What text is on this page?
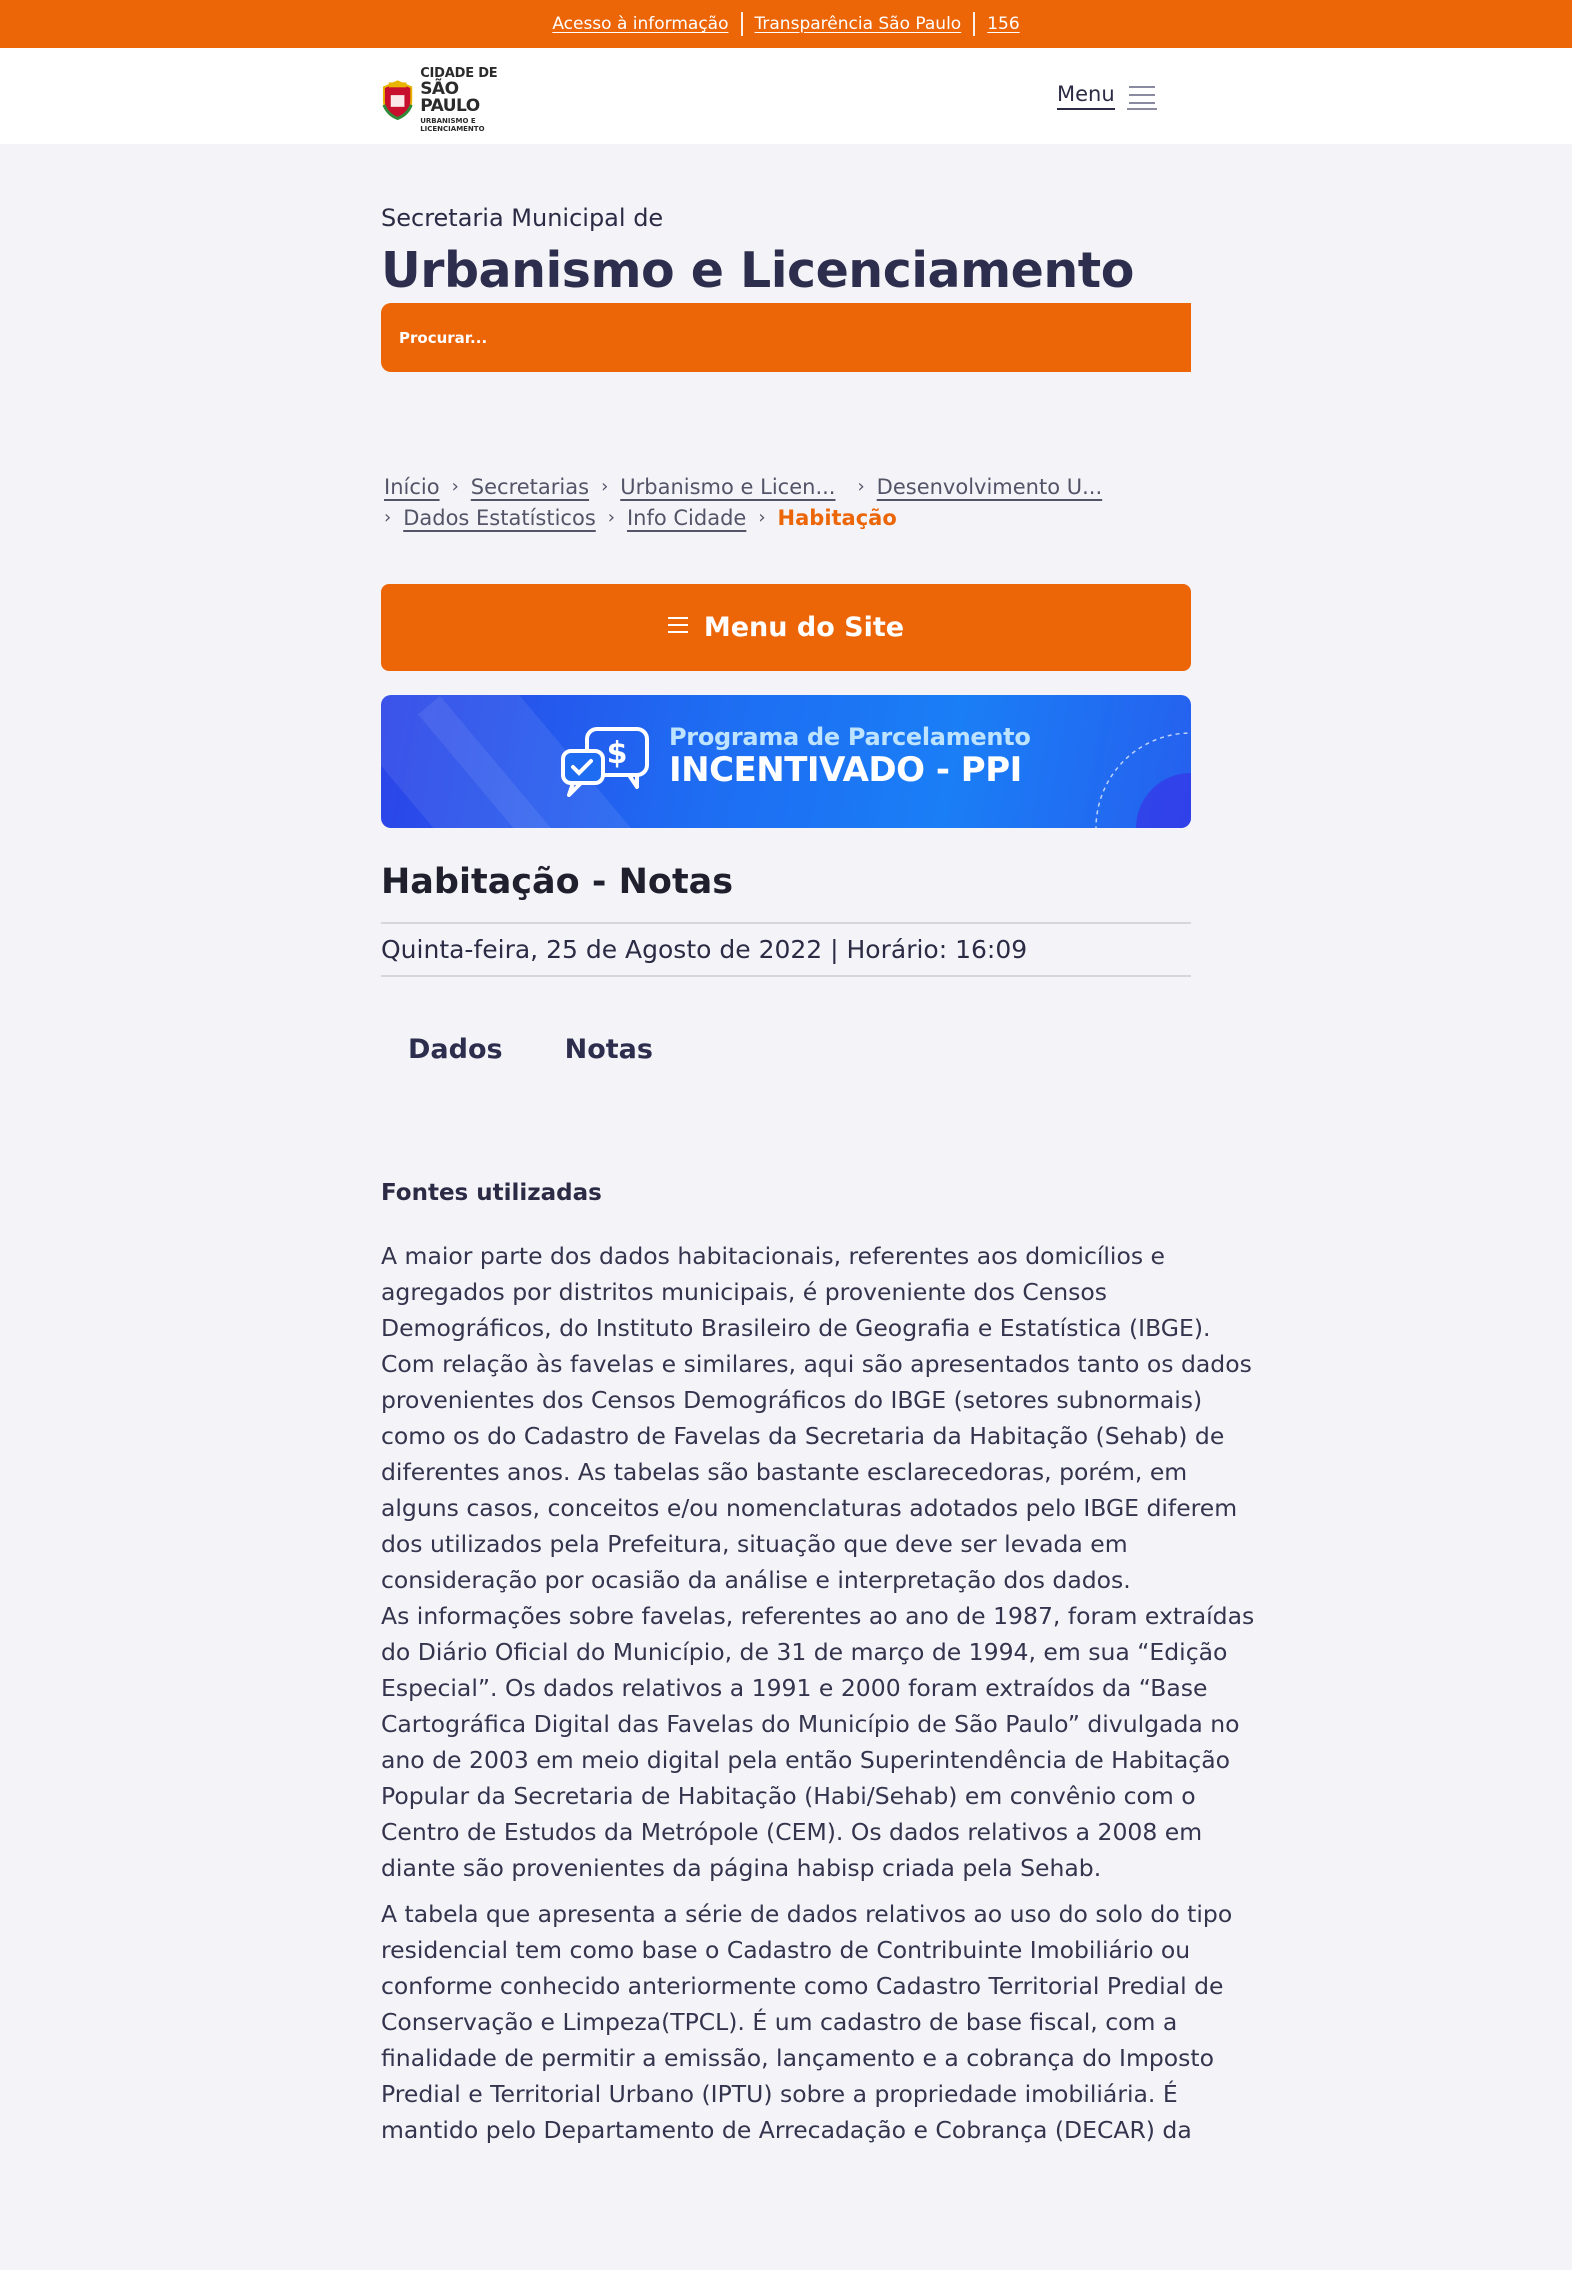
Acesso à informação Transparência São Paulo 156
CIDADE DE
SÃO PAULO
URBANISMO E LICENCIAMENTO
Menu
Secretaria Municipal de
Urbanismo e Licenciamento
Procurar...
Início › Secretarias › Urbanismo e Licen... › Desenvolvimento U...
› Dados Estatísticos › Info Cidade › Habitação
Menu do Site
$ Programa de Parcelamento
INCENTIVADO - PPI
Habitação - Notas
Quinta-feira, 25 de Agosto de 2022 | Horário: 16:09
Dados Notas
Fontes utilizadas
A maior parte dos dados habitacionais, referentes aos domicílios e
agregados por distritos municipais, é proveniente dos Censos
Demográficos, do Instituto Brasileiro de Geografia e Estatística (IBGE).
Com relação às favelas e similares, aqui são apresentados tanto os dados
provenientes dos Censos Demográficos do IBGE (setores subnormais)
como os do Cadastro de Favelas da Secretaria da Habitação (Sehab) de
diferentes anos. As tabelas são bastante esclarecedoras, porém, em
alguns casos, conceitos e/ou nomenclaturas adotados pelo IBGE diferem
dos utilizados pela Prefeitura, situação que deve ser levada em
consideração por ocasião da análise e interpretação dos dados.
As informações sobre favelas, referentes ao ano de 1987, foram extraídas
do Diário Oficial do Município, de 31 de março de 1994, em sua “Edição
Especial”. Os dados relativos a 1991 e 2000 foram extraídos da “Base
Cartográfica Digital das Favelas do Município de São Paulo” divulgada no
ano de 2003 em meio digital pela então Superintendência de Habitação
Popular da Secretaria de Habitação (Habi/Sehab) em convênio com o
Centro de Estudos da Metrópole (CEM). Os dados relativos a 2008 em
diante são provenientes da página habisp criada pela Sehab.
A tabela que apresenta a série de dados relativos ao uso do solo do tipo
residencial tem como base o Cadastro de Contribuinte Imobiliário ou
conforme conhecido anteriormente como Cadastro Territorial Predial de
Conservação e Limpeza(TPCL). É um cadastro de base fiscal, com a
finalidade de permitir a emissão, lançamento e a cobrança do Imposto
Predial e Territorial Urbano (IPTU) sobre a propriedade imobiliária. É
mantido pelo Departamento de Arrecadação e Cobrança (DECAR) da
